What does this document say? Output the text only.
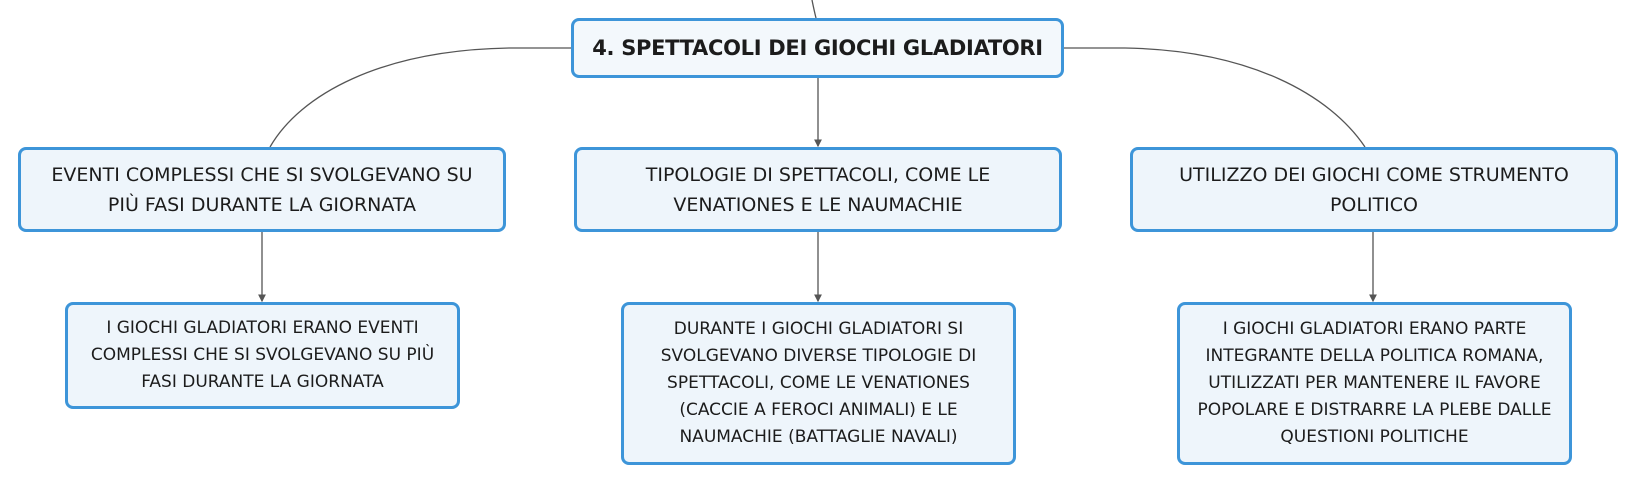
4. SPETTACOLI DEI GIOCHI GLADIATORI
EVENTI COMPLESSI CHE SI SVOLGEVANO SU PIÙ FASI DURANTE LA GIORNATA
TIPOLOGIE DI SPETTACOLI, COME LE VENATIONES E LE NAUMACHIE
UTILIZZO DEI GIOCHI COME STRUMENTO POLITICO
I GIOCHI GLADIATORI ERANO EVENTI COMPLESSI CHE SI SVOLGEVANO SU PIÙ FASI DURANTE LA GIORNATA
DURANTE I GIOCHI GLADIATORI SI SVOLGEVANO DIVERSE TIPOLOGIE DI SPETTACOLI, COME LE VENATIONES (CACCIE A FEROCI ANIMALI) E LE NAUMACHIE (BATTAGLIE NAVALI)
I GIOCHI GLADIATORI ERANO PARTE INTEGRANTE DELLA POLITICA ROMANA, UTILIZZATI PER MANTENERE IL FAVORE POPOLARE E DISTRARRE LA PLEBE DALLE QUESTIONI POLITICHE
